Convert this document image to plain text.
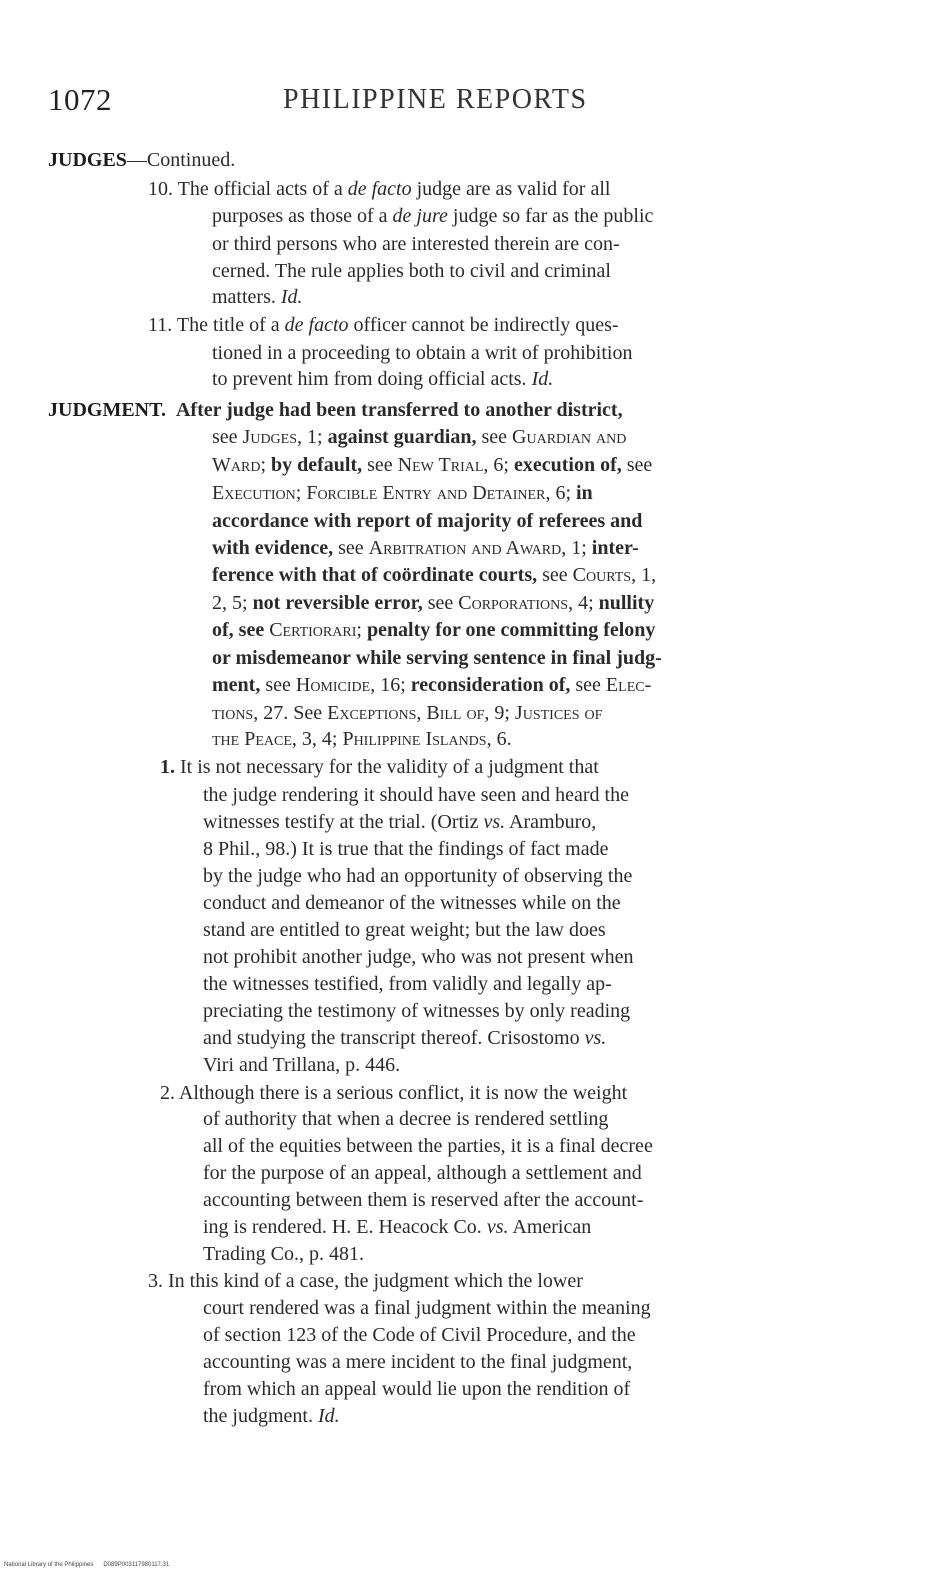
1072	PHILIPPINE REPORTS
JUDGES—Continued.
10. The official acts of a de facto judge are as valid for all
purposes as those of a de jure judge so far as the public
or third persons who are interested therein are con-
cerned. The rule applies both to civil and criminal
matters. Id.
11. The title of a de facto officer cannot be indirectly ques-
tioned in a proceeding to obtain a writ of prohibition
to prevent him from doing official acts. Id.
JUDGMENT. After judge had been transferred to another district,
see Judges, 1; against guardian, see Guardian and
Ward; by default, see New Trial, 6; execution of, see
Execution; Forcible Entry and Detainer, 6; in
accordance with report of majority of referees and
with evidence, see Arbitration and Award, 1; inter-
ference with that of coördinate courts, see Courts, 1,
2, 5; not reversible error, see Corporations, 4; nullity
of, see Certiorari; penalty for one committing felony
or misdemeanor while serving sentence in final judg-
ment, see Homicide, 16; reconsideration of, see Elec-
tions, 27. See Exceptions, Bill of, 9; Justices of
the Peace, 3, 4; Philippine Islands, 6.
1. It is not necessary for the validity of a judgment that
the judge rendering it should have seen and heard the
witnesses testify at the trial. (Ortiz vs. Aramburo,
8 Phil., 98.) It is true that the findings of fact made
by the judge who had an opportunity of observing the
conduct and demeanor of the witnesses while on the
stand are entitled to great weight; but the law does
not prohibit another judge, who was not present when
the witnesses testified, from validly and legally ap-
preciating the testimony of witnesses by only reading
and studying the transcript thereof. Crisostomo vs.
Viri and Trillana, p. 446.
2. Although there is a serious conflict, it is now the weight
of authority that when a decree is rendered settling
all of the equities between the parties, it is a final decree
for the purpose of an appeal, although a settlement and
accounting between them is reserved after the account-
ing is rendered. H. E. Heacock Co. vs. American
Trading Co., p. 481.
3. In this kind of a case, the judgment which the lower
court rendered was a final judgment within the meaning
of section 123 of the Code of Civil Procedure, and the
accounting was a mere incident to the final judgment,
from which an appeal would lie upon the rendition of
the judgment. Id.
National Library of the Philippines D089P003117980117.31
